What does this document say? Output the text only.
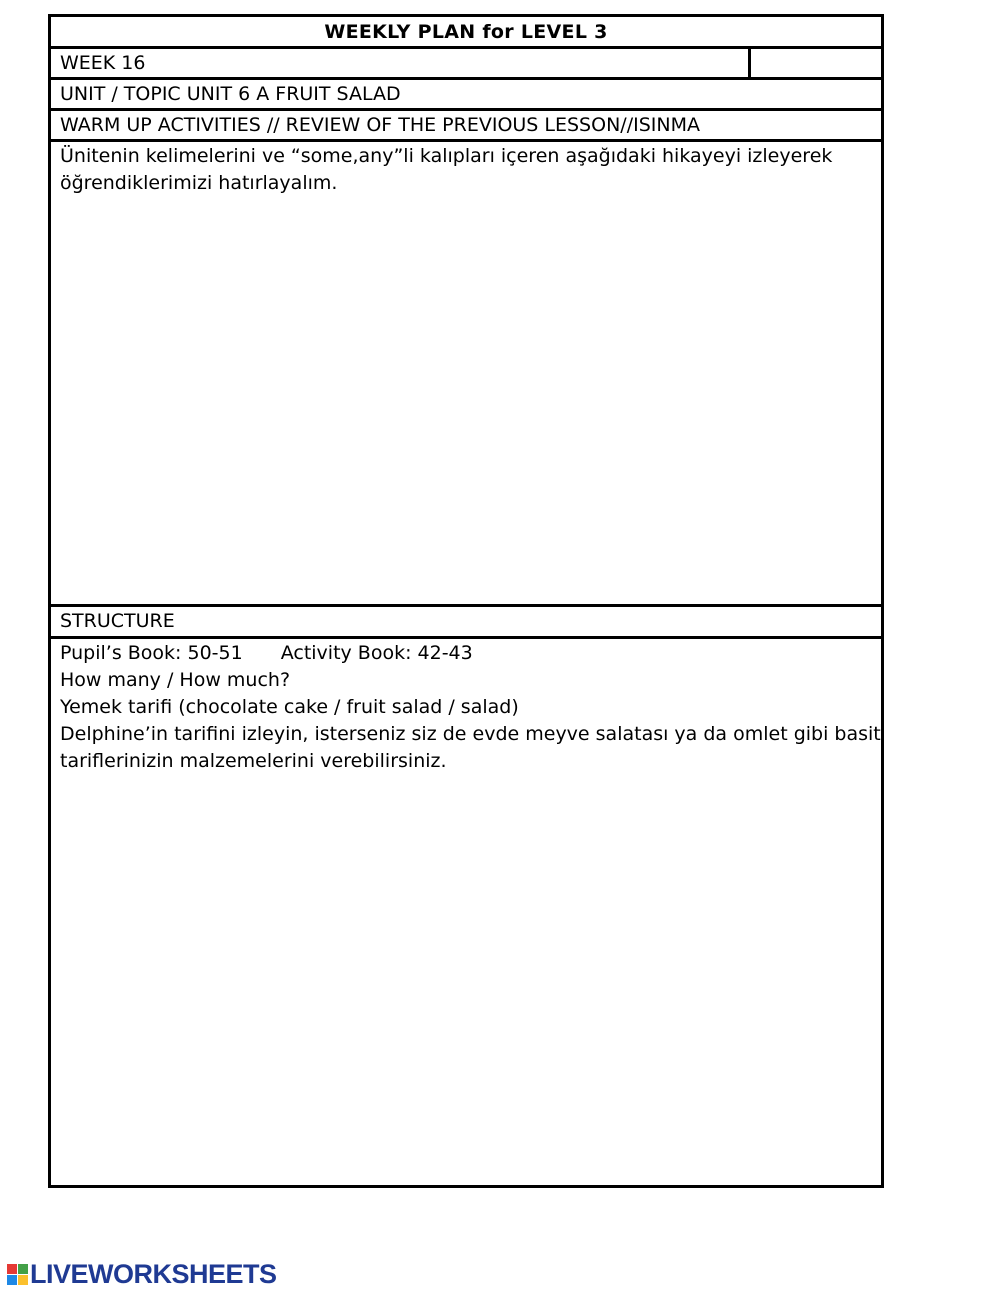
WEEKLY PLAN for LEVEL 3
WEEK 16
UNIT / TOPIC UNIT 6 A FRUIT SALAD
WARM UP ACTIVITIES // REVIEW OF THE PREVIOUS LESSON//ISINMA
Ünitenin kelimelerini ve “some,any”li kalıpları içeren aşağıdaki hikayeyi izleyerek öğrendiklerimizi hatırlayalım.
STRUCTURE
Pupil’s Book: 50-51 Activity Book: 42-43
How many / How much?
Yemek tarifi (chocolate cake / fruit salad / salad)
Delphine’in tarifini izleyin, isterseniz siz de evde meyve salatası ya da omlet gibi basit tariflerinizin malzemelerini verebilirsiniz.
LIVEWORKSHEETS
